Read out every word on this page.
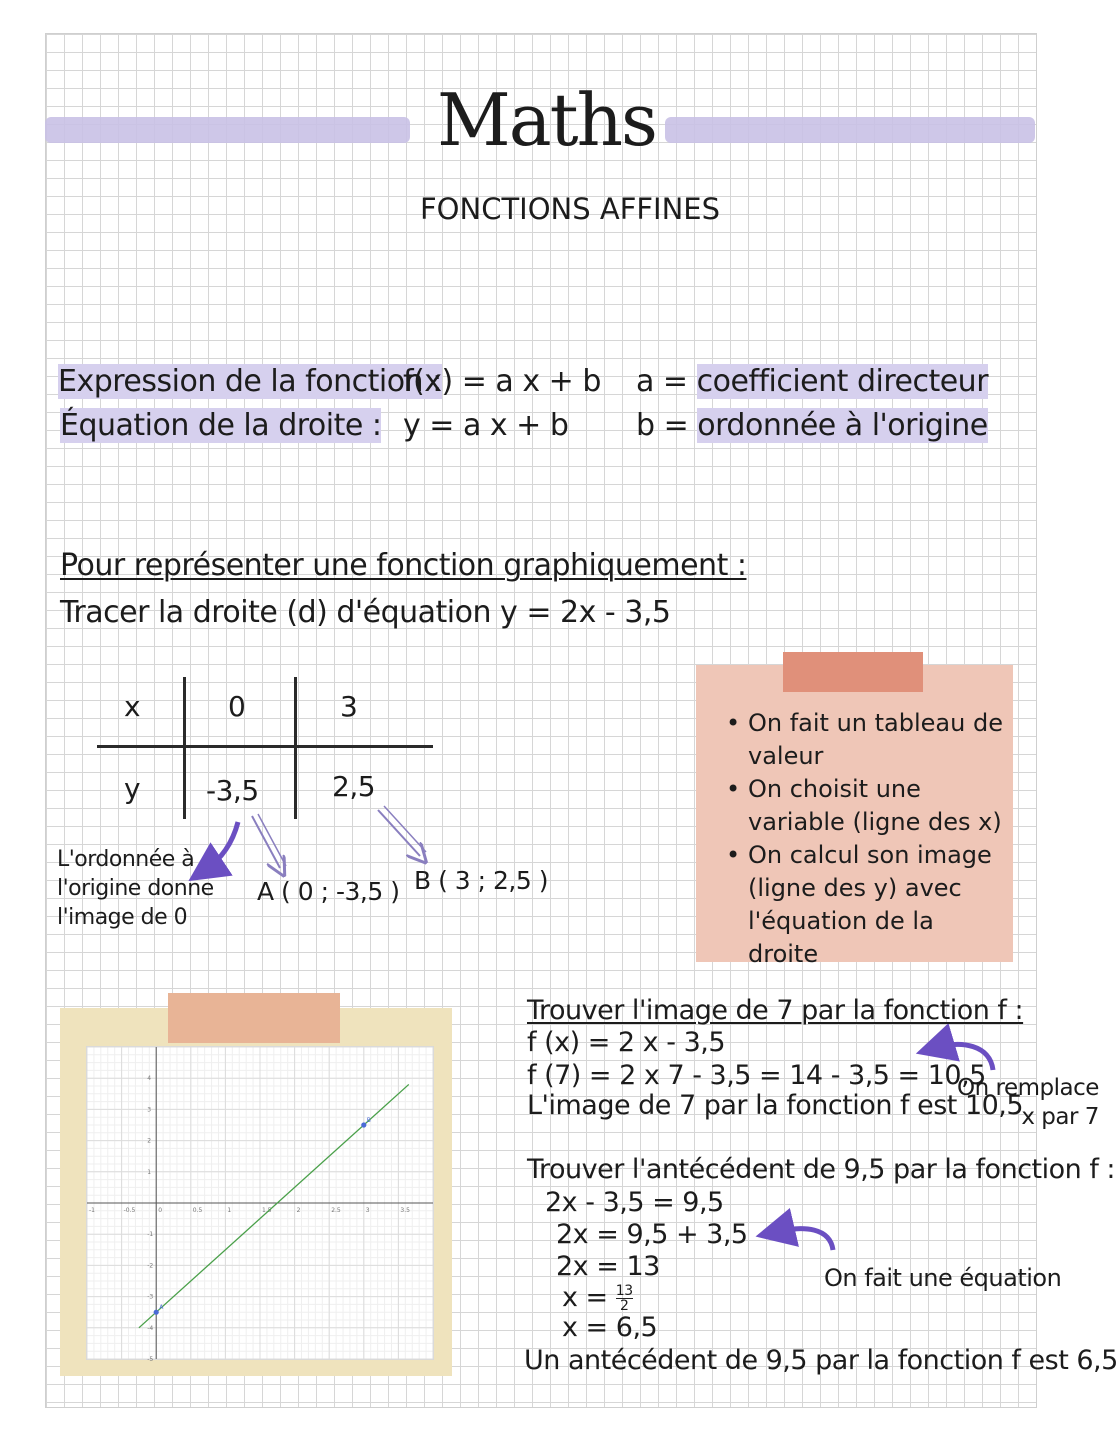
Maths
FONCTIONS AFFINES
Expression de la fonction :
f(x) = a x + b
Équation de la droite : y = a x + b
a = coefficient directeur
b = ordonnée à l'origine
Pour représenter une fonction graphiquement :
Tracer la droite (d) d'équation y = 2x - 3,5
x	0	3
y -3,5	2,5
L'ordonnée à
l'origine donne
l'image de 0
A ( 0 ; -3,5 ) B ( 3 ; 2,5 )
• On fait un tableau de valeur
• On choisit une variable (ligne des x)
• On calcul son image (ligne des y) avec l'équation de la droite
-1	-0.5	0	0.5	1	1.5	2	2.5	3	3.5
4
3
2
1
-1
-2
-3
-4
-5
A
B
Trouver l'image de 7 par la fonction f :
f (x) = 2 x - 3,5
f (7) = 2 x 7 - 3,5 = 14 - 3,5 = 10,5
L'image de 7 par la fonction f est 10,5
On remplace
x par 7
Trouver l'antécédent de 9,5 par la fonction f :
2x - 3,5 = 9,5
2x = 9,5 + 3,5
2x = 13
$x = \frac{13}{2}$
x = 6,5
Un antécédent de 9,5 par la fonction f est 6,5
On fait une équation
